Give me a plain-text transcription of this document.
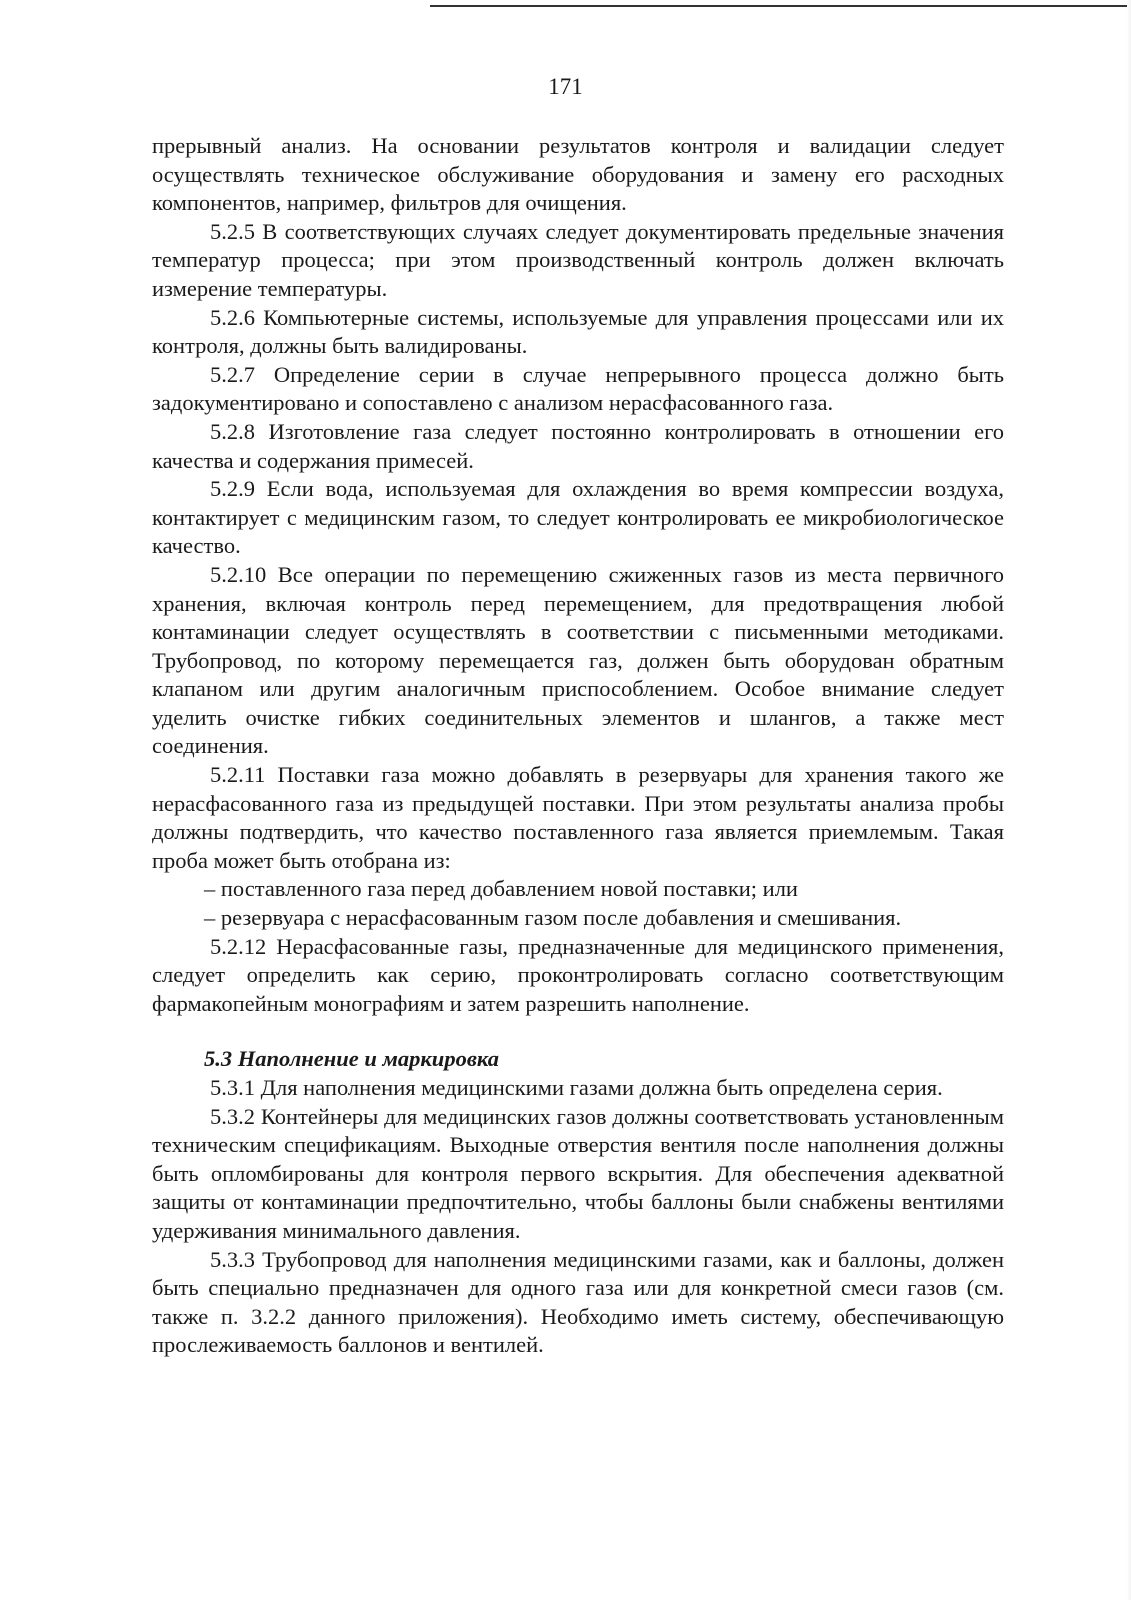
171

прерывный анализ. На основании результатов контроля и валидации следует осуществлять техническое обслуживание оборудования и замену его расходных компонентов, например, фильтров для очищения.

5.2.5 В соответствующих случаях следует документировать предельные значения температур процесса; при этом производственный контроль должен включать измерение температуры.

5.2.6 Компьютерные системы, используемые для управления процессами или их контроля, должны быть валидированы.

5.2.7 Определение серии в случае непрерывного процесса должно быть задокументировано и сопоставлено с анализом нерасфасованного газа.

5.2.8 Изготовление газа следует постоянно контролировать в отношении его качества и содержания примесей.

5.2.9 Если вода, используемая для охлаждения во время компрессии воздуха, контактирует с медицинским газом, то следует контролировать ее микробиологическое качество.

5.2.10 Все операции по перемещению сжиженных газов из места первичного хранения, включая контроль перед перемещением, для предотвращения любой контаминации следует осуществлять в соответствии с письменными методиками. Трубопровод, по которому перемещается газ, должен быть оборудован обратным клапаном или другим аналогичным приспособлением. Особое внимание следует уделить очистке гибких соединительных элементов и шлангов, а также мест соединения.

5.2.11 Поставки газа можно добавлять в резервуары для хранения такого же нерасфасованного газа из предыдущей поставки. При этом результаты анализа пробы должны подтвердить, что качество поставленного газа является приемлемым. Такая проба может быть отобрана из:

– поставленного газа перед добавлением новой поставки; или

– резервуара с нерасфасованным газом после добавления и смешивания.

5.2.12 Нерасфасованные газы, предназначенные для медицинского применения, следует определить как серию, проконтролировать согласно соответствующим фармакопейным монографиям и затем разрешить наполнение.

5.3 Наполнение и маркировка

5.3.1 Для наполнения медицинскими газами должна быть определена серия.

5.3.2 Контейнеры для медицинских газов должны соответствовать установленным техническим спецификациям. Выходные отверстия вентиля после наполнения должны быть опломбированы для контроля первого вскрытия. Для обеспечения адекватной защиты от контаминации предпочтительно, чтобы баллоны были снабжены вентилями удерживания минимального давления.

5.3.3 Трубопровод для наполнения медицинскими газами, как и баллоны, должен быть специально предназначен для одного газа или для конкретной смеси газов (см. также п. 3.2.2 данного приложения). Необходимо иметь систему, обеспечивающую прослеживаемость баллонов и вентилей.
